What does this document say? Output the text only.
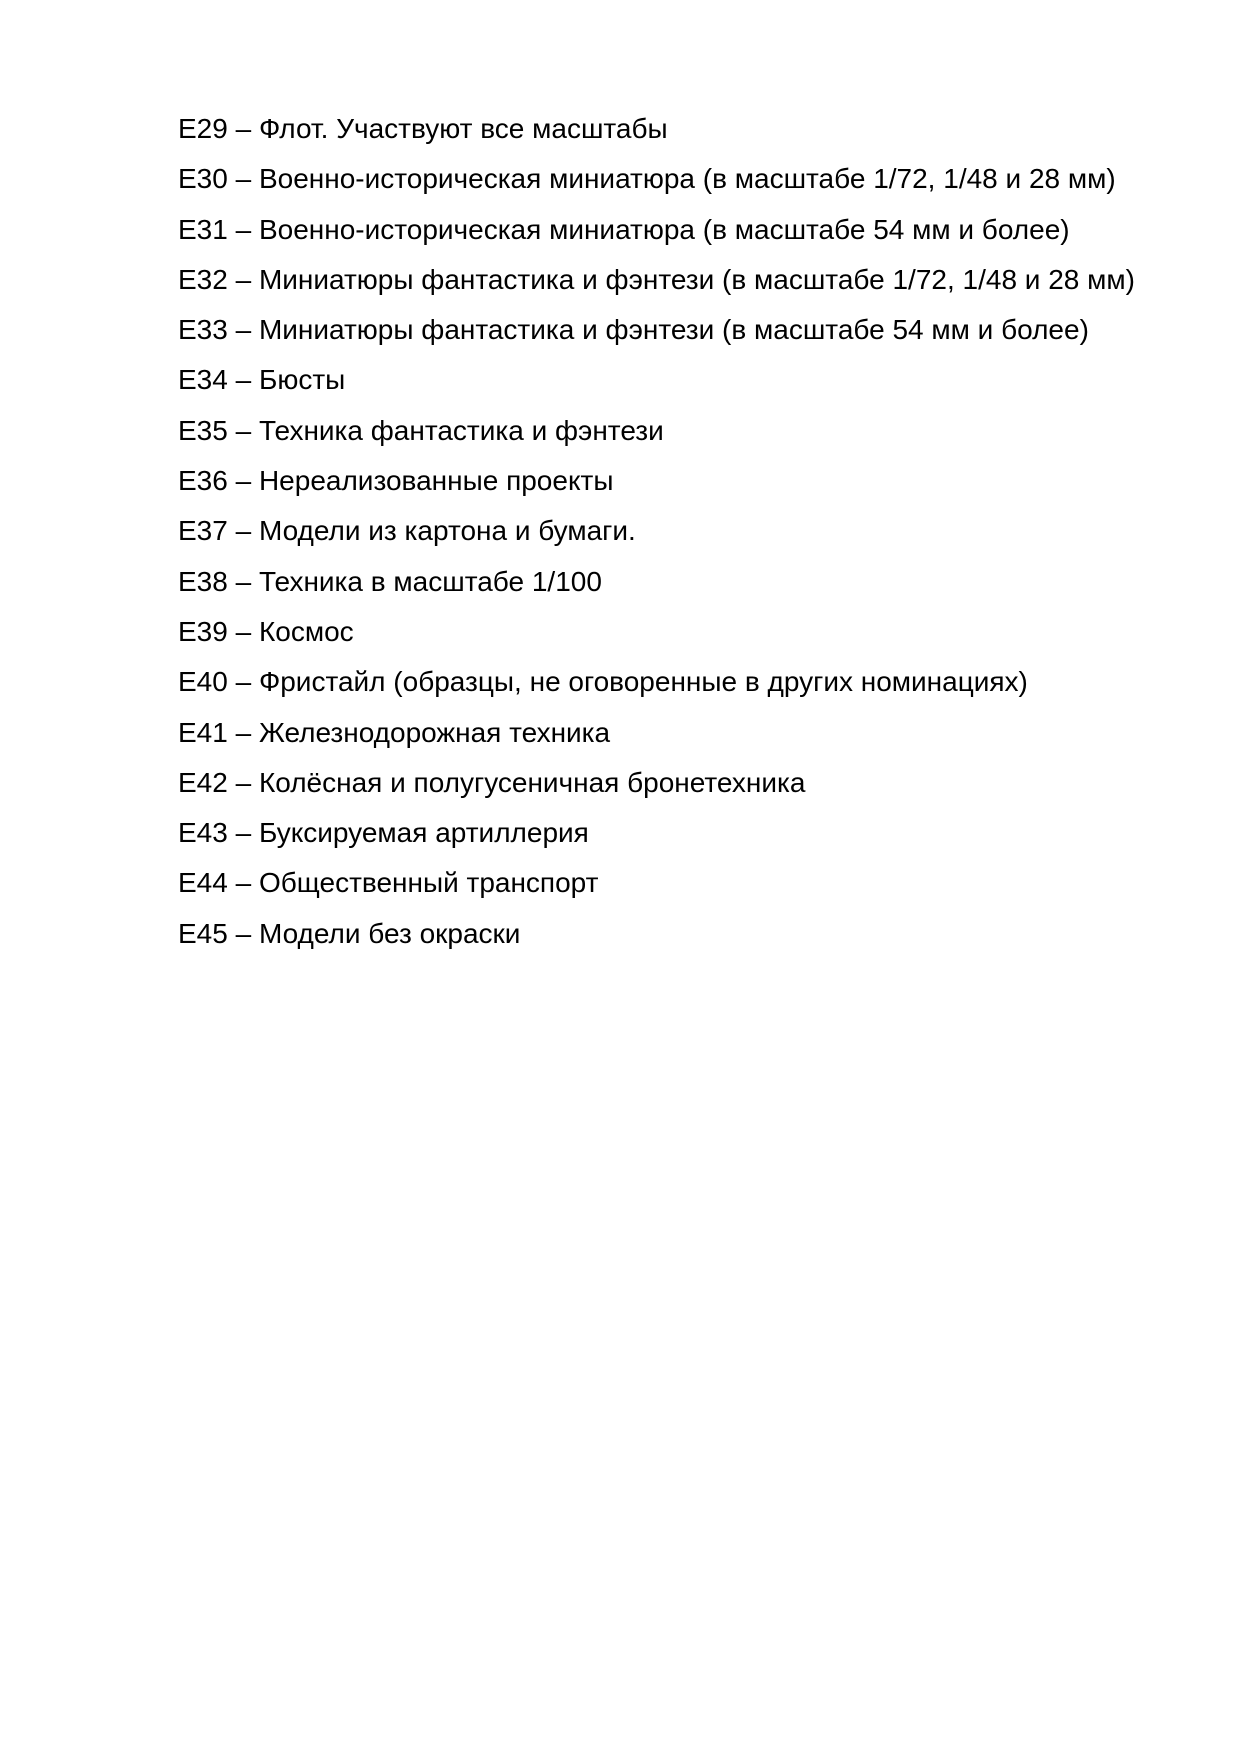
E29 – Флот. Участвуют все масштабы

E30 – Военно-историческая миниатюра (в масштабе 1/72, 1/48 и 28 мм)

E31 – Военно-историческая миниатюра (в масштабе 54 мм и более)

E32 – Миниатюры фантастика и фэнтези (в масштабе 1/72, 1/48 и 28 мм)

E33 – Миниатюры фантастика и фэнтези (в масштабе 54 мм и более)

E34 – Бюсты

E35 – Техника фантастика и фэнтези

E36 – Нереализованные проекты

E37 – Модели из картона и бумаги.

E38 – Техника в масштабе 1/100

E39 – Космос

E40 – Фристайл (образцы, не оговоренные в других номинациях)

E41 – Железнодорожная техника

E42 – Колёсная и полугусеничная бронетехника

E43 – Буксируемая артиллерия

E44 – Общественный транспорт

E45 – Модели без окраски
